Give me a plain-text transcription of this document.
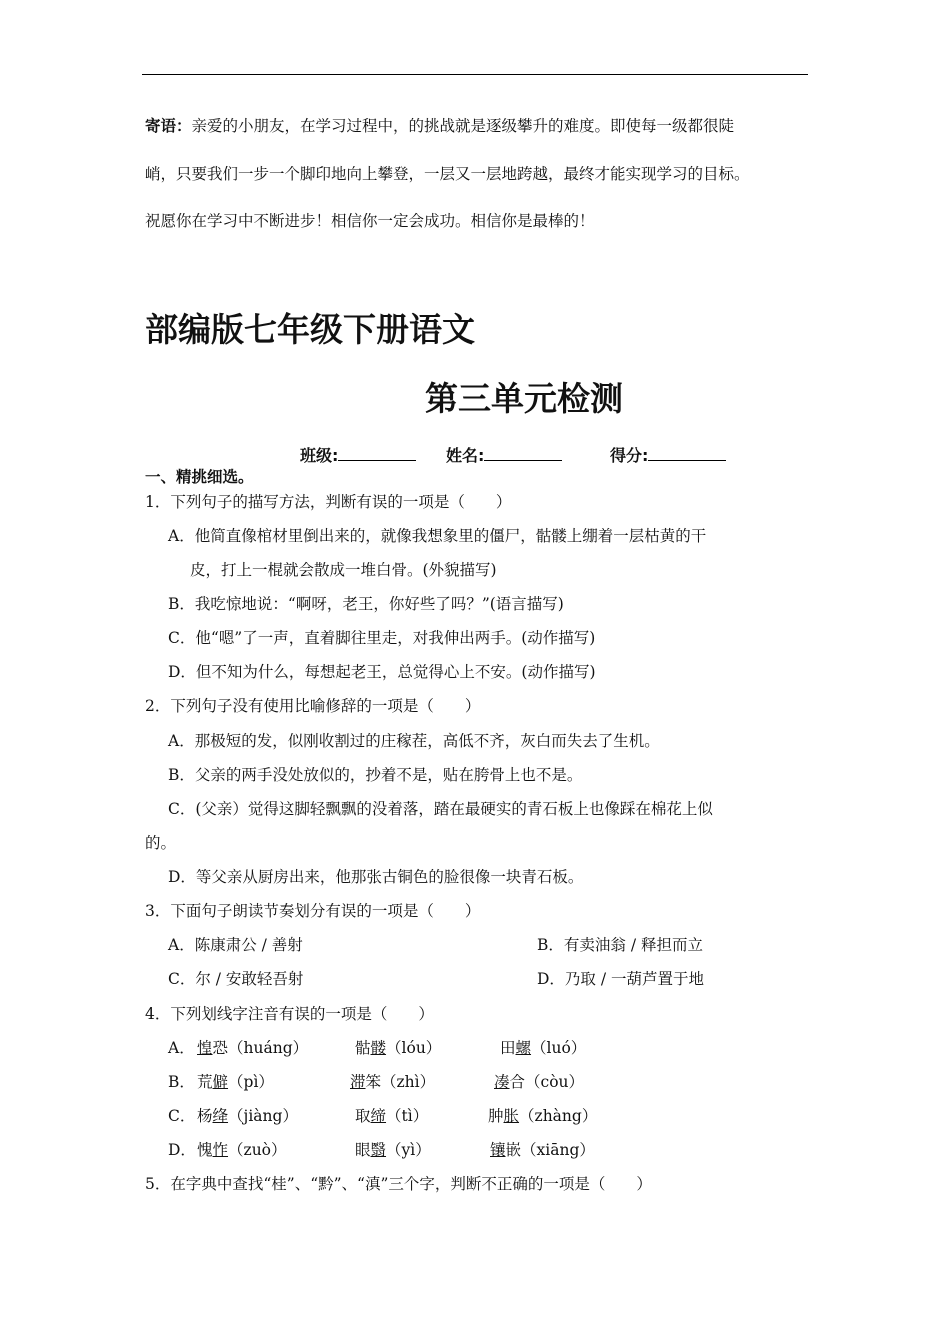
寄语：亲爱的小朋友，在学习过程中，的挑战就是逐级攀升的难度。即使每一级都很陡
峭，只要我们一步一个脚印地向上攀登，一层又一层地跨越，最终才能实现学习的目标。
祝愿你在学习中不断进步！相信你一定会成功。相信你是最棒的！
部编版七年级下册语文
第三单元检测
班级:	姓名:	得分:
一、精挑细选。
1．下列句子的描写方法，判断有误的一项是（　　）
A．他简直像棺材里倒出来的，就像我想象里的僵尸，骷髅上绷着一层枯黄的干
皮，打上一棍就会散成一堆白骨。(外貌描写)
B．我吃惊地说：“啊呀，老王，你好些了吗？”(语言描写)
C．他“嗯”了一声，直着脚往里走，对我伸出两手。(动作描写)
D．但不知为什么，每想起老王，总觉得心上不安。(动作描写)
2．下列句子没有使用比喻修辞的一项是（　　）
A．那极短的发，似刚收割过的庄稼茬，高低不齐，灰白而失去了生机。
B．父亲的两手没处放似的，抄着不是，贴在胯骨上也不是。
C．(父亲）觉得这脚轻飘飘的没着落，踏在最硬实的青石板上也像踩在棉花上似
的。
D．等父亲从厨房出来，他那张古铜色的脸很像一块青石板。
3．下面句子朗读节奏划分有误的一项是（　　）
A．陈康肃公 / 善射	B．有卖油翁 / 释担而立
C．尔 / 安敢轻吾射	D．乃取 / 一葫芦置于地
4．下列划线字注音有误的一项是（　　）
A． 惶恐（huáng）	骷髅（lóu）	田螺（luó）
B． 荒僻（pì）	滞笨（zhì）	凑合（còu）
C． 杨绛（jiàng）	取缔（tì）	肿胀（zhàng）
D． 愧怍（zuò）	眼翳（yì）	镶嵌（xiāng）
5．在字典中查找“桂”、“黔”、“滇”三个字，判断不正确的一项是（　　）
